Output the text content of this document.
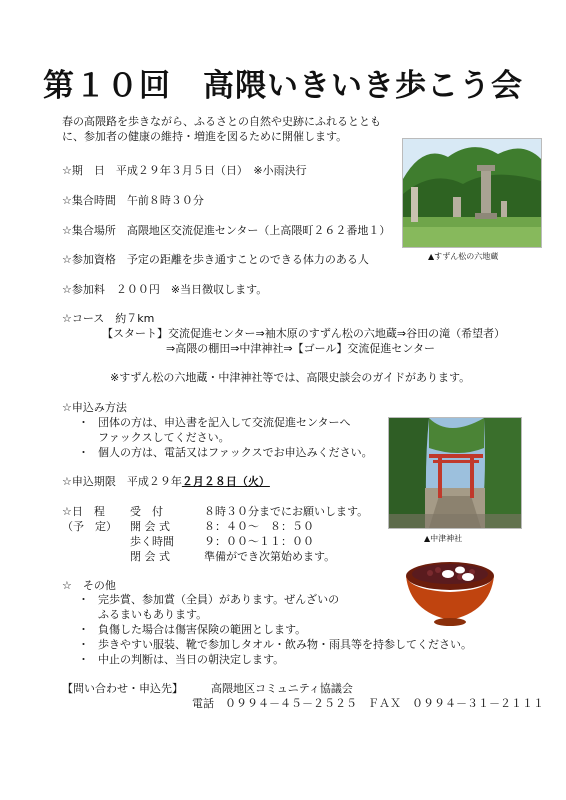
第１０回　高隈いきいき歩こう会
春の高隈路を歩きながら、ふるさとの自然や史跡にふれるとともに、参加者の健康の維持・増進を図るために開催します。
☆期　日　平成２９年３月５日（日）　※小雨決行
☆集合時間　午前８時３０分
☆集合場所　高隈地区交流促進センター（上高隈町２６２番地１）
☆参加資格　予定の距離を歩き通すことのできる体力のある人
☆参加料　２００円　※当日徴収します。
☆コース　約７km
【スタート】交流促進センター⇒袖木原のすずん松の六地蔵⇒谷田の滝（希望者）
⇒高隈の棚田⇒中津神社⇒【ゴール】交流促進センター
※すずん松の六地蔵・中津神社等では、高隈史談会のガイドがあります。
☆申込み方法
・ 団体の方は、申込書を記入して交流促進センターへ
ファックスしてください。
・ 個人の方は、電話又はファックスでお申込みください。
☆申込期限　平成２９年２月２８日（火）
☆日　程	受　付	８時３０分までにお願いします。
（予　定）	開 会 式	８：４０～　８：５０
歩く時間	９：００～１１：００
閉 会 式	準備ができ次第始めます。
☆　その他
・ 完歩賞、参加賞（全員）があります。ぜんざいの
ふるまいもあります。
・ 負傷した場合は傷害保険の範囲とします。
・ 歩きやすい服装、靴で参加しタオル・飲み物・雨具等を持参してください。
・ 中止の判断は、当日の朝決定します。
【問い合わせ・申込先】	高隈地区コミュニティ協議会
電話　０９９４－４５－２５２５　ＦＡＸ　０９９４－３１－２１１１
▲すずん松の六地蔵
▲中津神社
